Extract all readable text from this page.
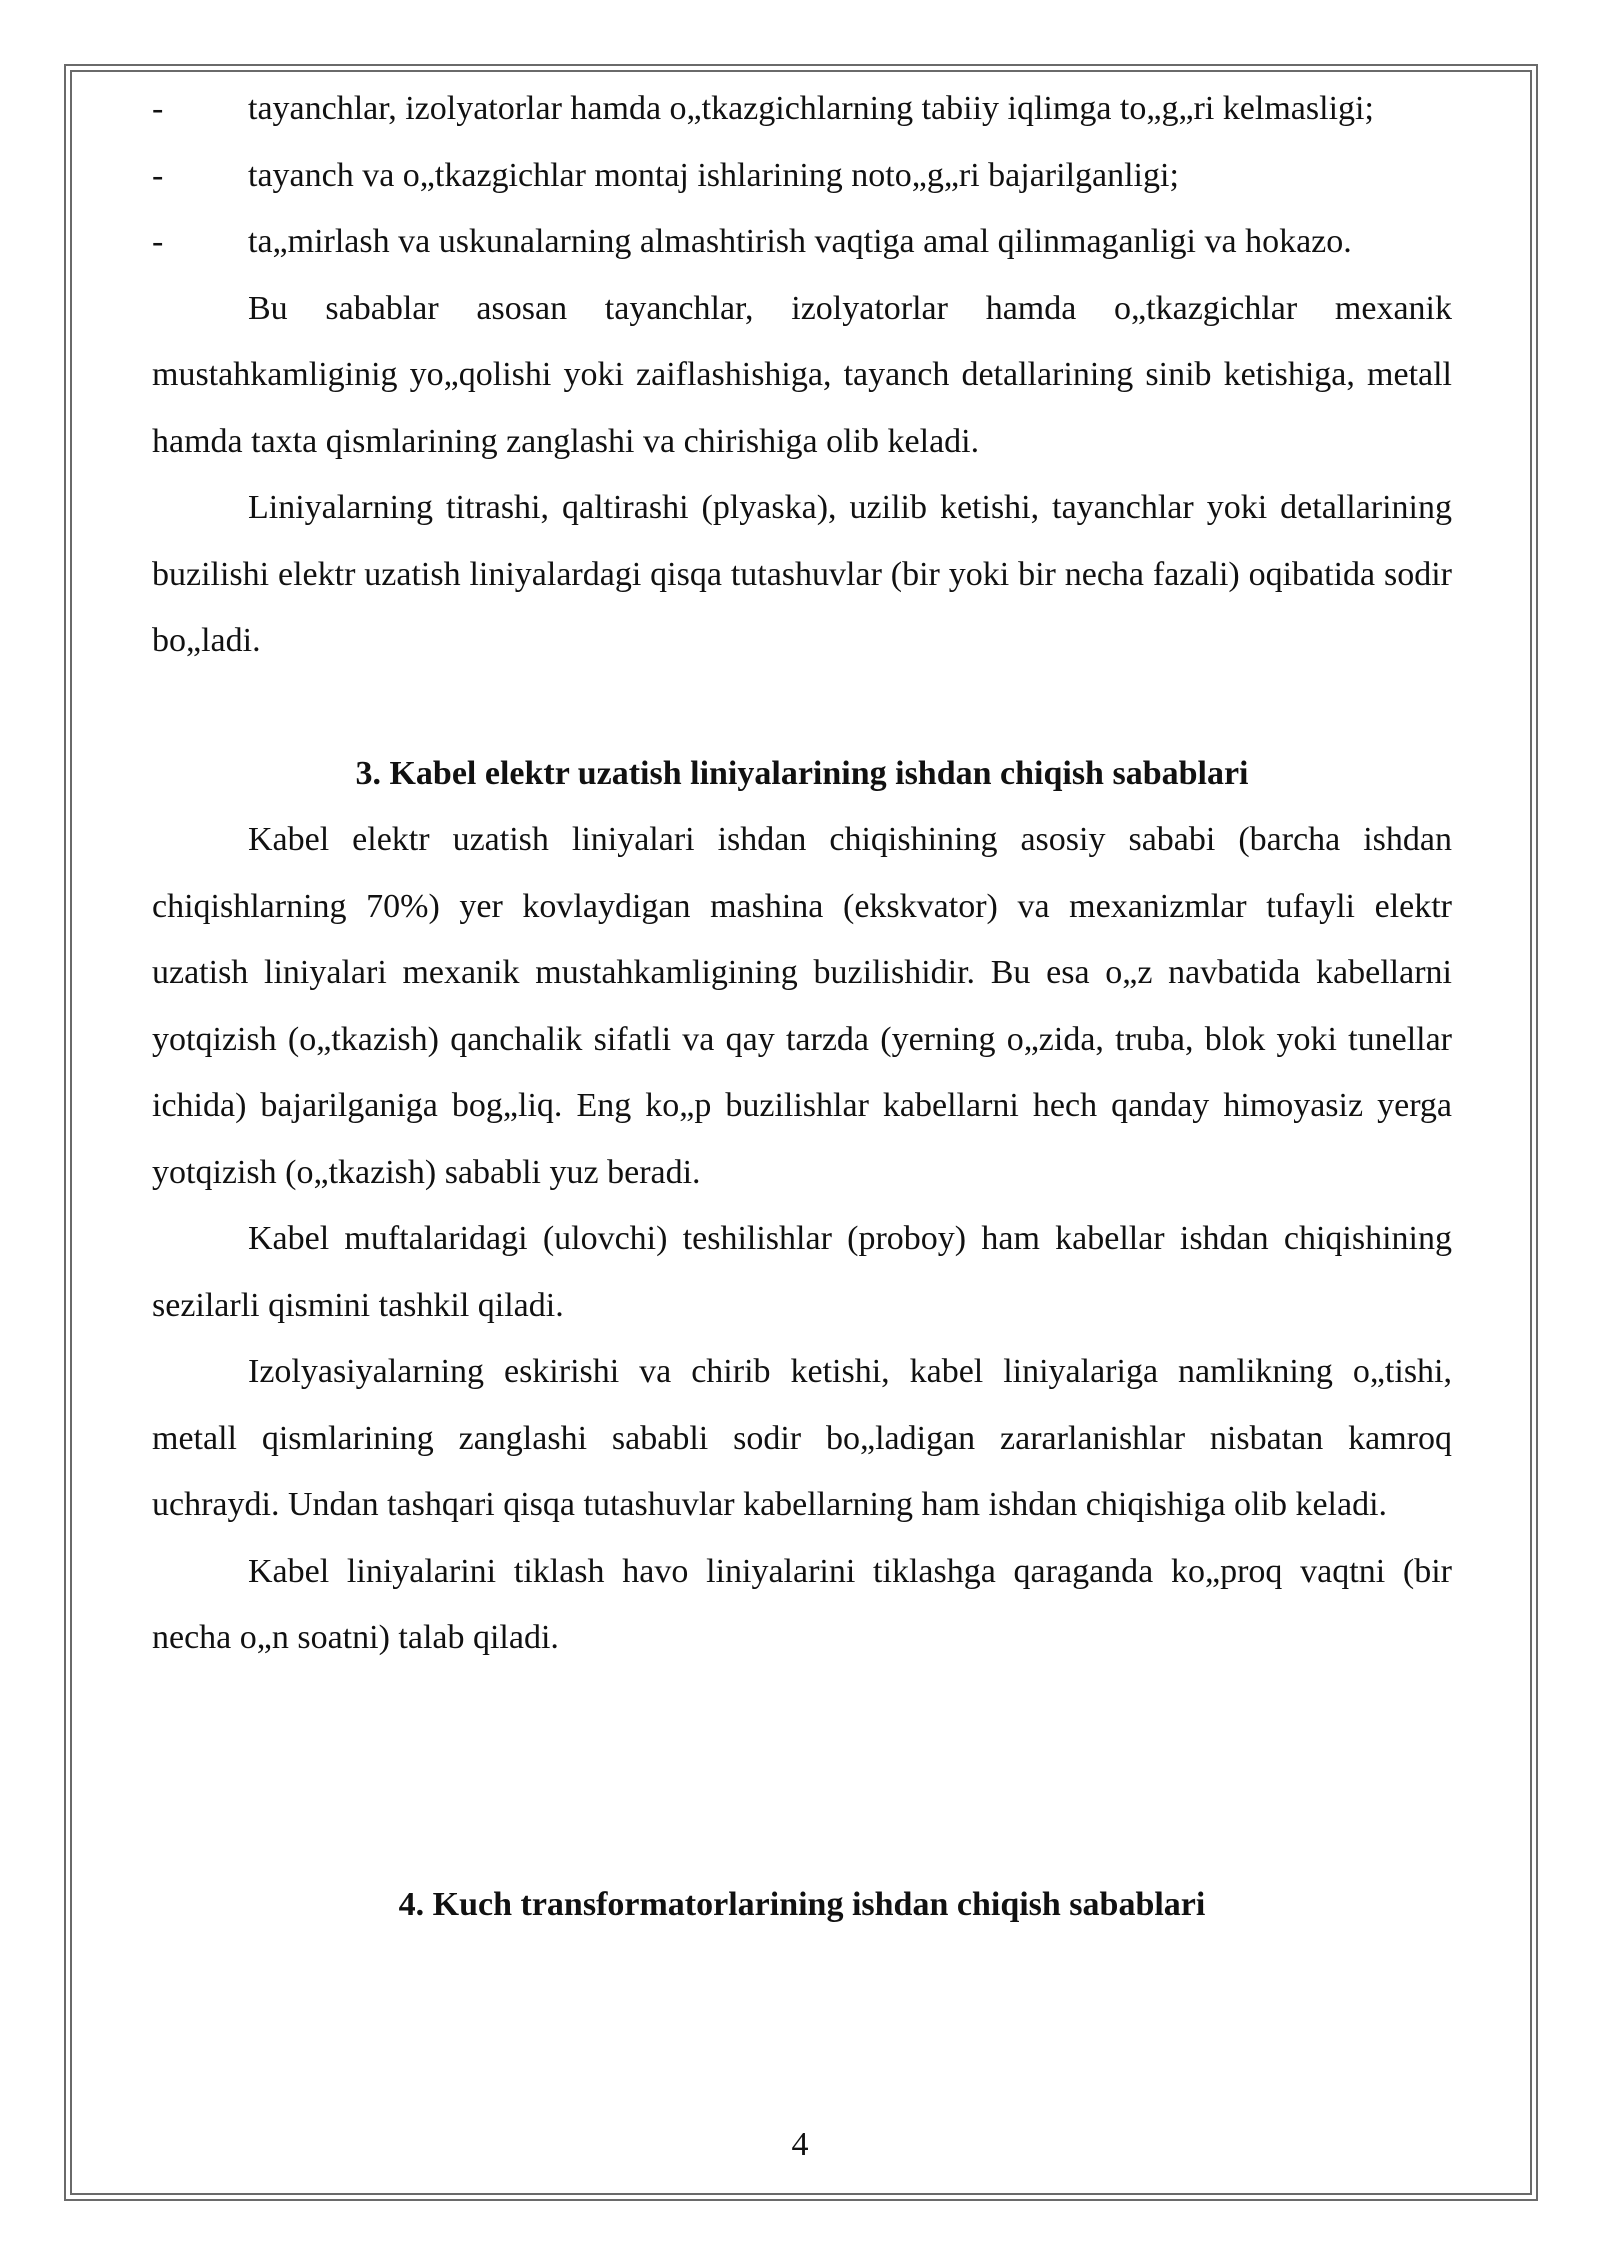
- tayanchlar, izolyatorlar hamda o„tkazgichlarning tabiiy iqlimga to„g„ri kelmasligi;

- tayanch va o„tkazgichlar montaj ishlarining noto„g„ri bajarilganligi;

- ta„mirlash va uskunalarning almashtirish vaqtiga amal qilinmaganligi va hokazo.

Bu sabablar asosan tayanchlar, izolyatorlar hamda o„tkazgichlar mexanik mustahkamliginig yo„qolishi yoki zaiflashishiga, tayanch detallarining sinib ketishiga, metall hamda taxta qismlarining zanglashi va chirishiga olib keladi.

Liniyalarning titrashi, qaltirashi (plyaska), uzilib ketishi, tayanchlar yoki detallarining buzilishi elektr uzatish liniyalardagi qisqa tutashuvlar (bir yoki bir necha fazali) oqibatida sodir bo„ladi.

3. Kabel elektr uzatish liniyalarining ishdan chiqish sabablari

Kabel elektr uzatish liniyalari ishdan chiqishining asosiy sababi (barcha ishdan chiqishlarning 70%) yer kovlaydigan mashina (ekskvator) va mexanizmlar tufayli elektr uzatish liniyalari mexanik mustahkamligining buzilishidir. Bu esa o„z navbatida kabellarni yotqizish (o„tkazish) qanchalik sifatli va qay tarzda (yerning o„zida, truba, blok yoki tunellar ichida) bajarilganiga bog„liq. Eng ko„p buzilishlar kabellarni hech qanday himoyasiz yerga yotqizish (o„tkazish) sababli yuz beradi.

Kabel muftalaridagi (ulovchi) teshilishlar (proboy) ham kabellar ishdan chiqishining sezilarli qismini tashkil qiladi.

Izolyasiyalarning eskirishi va chirib ketishi, kabel liniyalariga namlikning o„tishi, metall qismlarining zanglashi sababli sodir bo„ladigan zararlanishlar nisbatan kamroq uchraydi. Undan tashqari qisqa tutashuvlar kabellarning ham ishdan chiqishiga olib keladi.

Kabel liniyalarini tiklash havo liniyalarini tiklashga qaraganda ko„proq vaqtni (bir necha o„n soatni) talab qiladi.

4. Kuch transformatorlarining ishdan chiqish sabablari

4
